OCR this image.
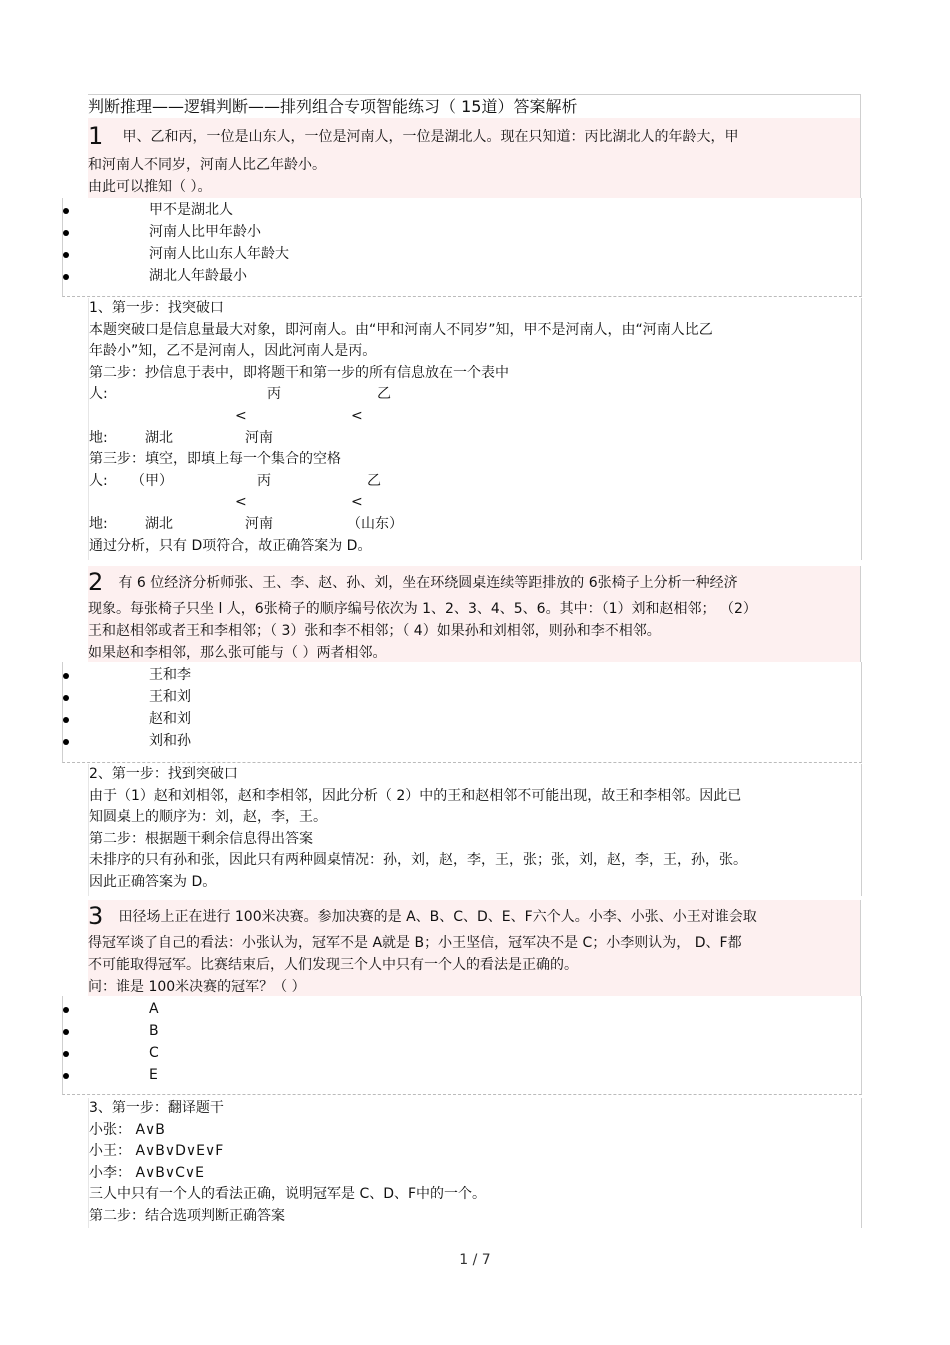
判断推理——逻辑判断——排列组合专项智能练习（ 15道）答案解析
1 甲、乙和丙，一位是山东人，一位是河南人，一位是湖北人。现在只知道：丙比湖北人的年龄大，甲
和河南人不同岁，河南人比乙年龄小。
由此可以推知（ ）。
甲不是湖北人
河南人比甲年龄小
河南人比山东人年龄大
湖北人年龄最小
1、第一步：找突破口
本题突破口是信息量最大对象，即河南人。由“甲和河南人不同岁”知，甲不是河南人，由“河南人比乙
年龄小”知，乙不是河南人，因此河南人是丙。
第二步：抄信息于表中，即将题干和第一步的所有信息放在一个表中
人:	丙	乙
<	<
地:	湖北	河南
第三步：填空，即填上每一个集合的空格
人: （甲）	丙	乙
<	<
地:	湖北	河南	（山东）
通过分析，只有 D项符合，故正确答案为 D。
2 有 6 位经济分析师张、王、李、赵、孙、刘，坐在环绕圆桌连续等距排放的 6张椅子上分析一种经济
现象。每张椅子只坐 l 人，6张椅子的顺序编号依次为 1、2、3、4、5、6。其中：（1）刘和赵相邻； （2）
王和赵相邻或者王和李相邻；（ 3）张和李不相邻；（ 4）如果孙和刘相邻，则孙和李不相邻。
如果赵和李相邻，那么张可能与（ ）两者相邻。
王和李
王和刘
赵和刘
刘和孙
2、第一步：找到突破口
由于（1）赵和刘相邻，赵和李相邻，因此分析（ 2）中的王和赵相邻不可能出现，故王和李相邻。因此已
知圆桌上的顺序为：刘，赵，李，王。
第二步：根据题干剩余信息得出答案
未排序的只有孙和张，因此只有两种圆桌情况：孙，刘，赵，李，王，张；张，刘，赵，李，王，孙，张。
因此正确答案为 D。
3 田径场上正在进行 100米决赛。参加决赛的是 A、B、C、D、E、F六个人。小李、小张、小王对谁会取
得冠军谈了自己的看法：小张认为，冠军不是 A就是 B；小王坚信，冠军决不是 C；小李则认为， D、F都
不可能取得冠军。比赛结束后，人们发现三个人中只有一个人的看法是正确的。
问：谁是 100米决赛的冠军？（ ）
A
B
C
E
3、第一步：翻译题干
小张： A∨B
小王： A∨B∨D∨E∨F
小李： A∨B∨C∨E
三人中只有一个人的看法正确，说明冠军是 C、D、F中的一个。
第二步：结合选项判断正确答案
1 / 7
